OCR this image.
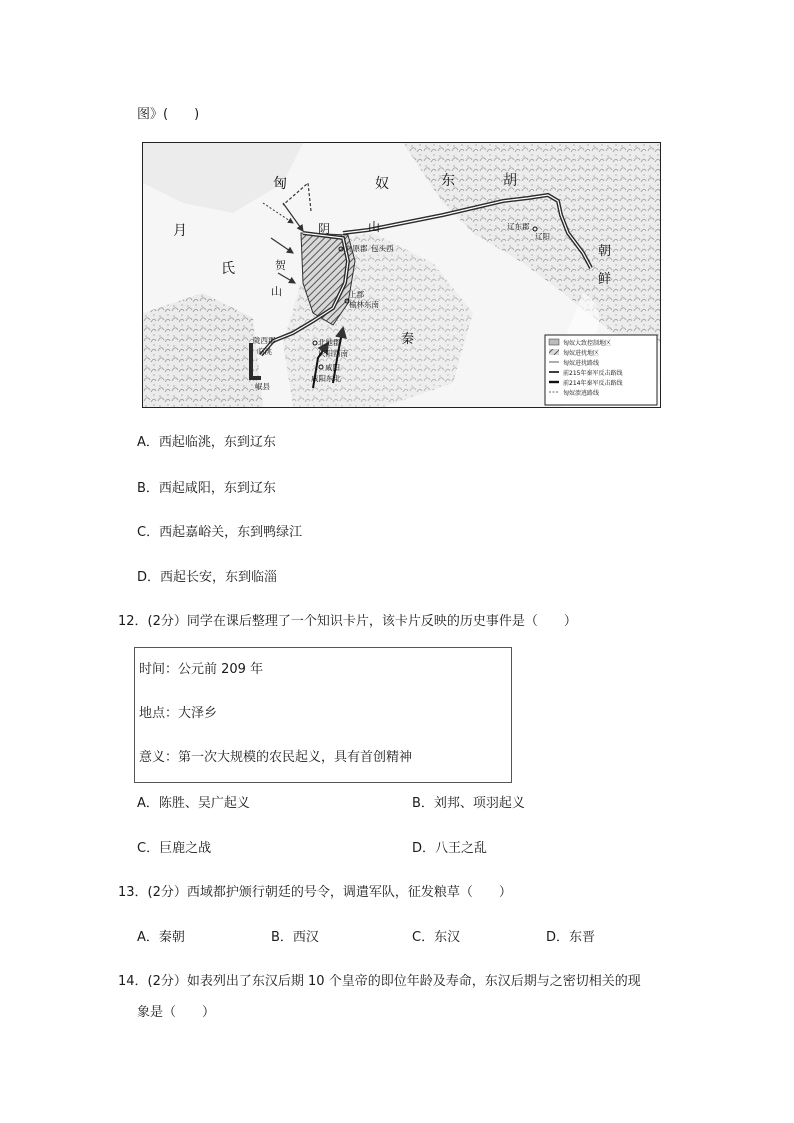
图》(　　)
匈	奴	东	胡
月
氏
阴	山
贺
山
朝
鲜
秦
九原郡 包头西
辽东郡
辽阳
上郡
榆林东南
北地郡
庆阳西南
咸阳
咸阳东北
陇西郡
临洮
岷县
匈奴大致控制地区
匈奴进扰地区
匈奴进扰路线
前215年秦军反击路线
前214年秦军反击路线
匈奴溃逃路线
A．西起临洮，东到辽东
B．西起咸阳，东到辽东
C．西起嘉峪关，东到鸭绿江
D．西起长安，东到临淄
12．(2分）同学在课后整理了一个知识卡片，该卡片反映的历史事件是（　　）
时间：公元前 209 年
地点：大泽乡
意义：第一次大规模的农民起义，具有首创精神
A．陈胜、吴广起义	B．刘邦、项羽起义
C．巨鹿之战	D．八王之乱
13．(2分）西域都护颁行朝廷的号令，调遣军队，征发粮草（　　）
A．秦朝	B．西汉	C．东汉	D．东晋
14．(2分）如表列出了东汉后期 10 个皇帝的即位年龄及寿命，东汉后期与之密切相关的现
象是（　　）
